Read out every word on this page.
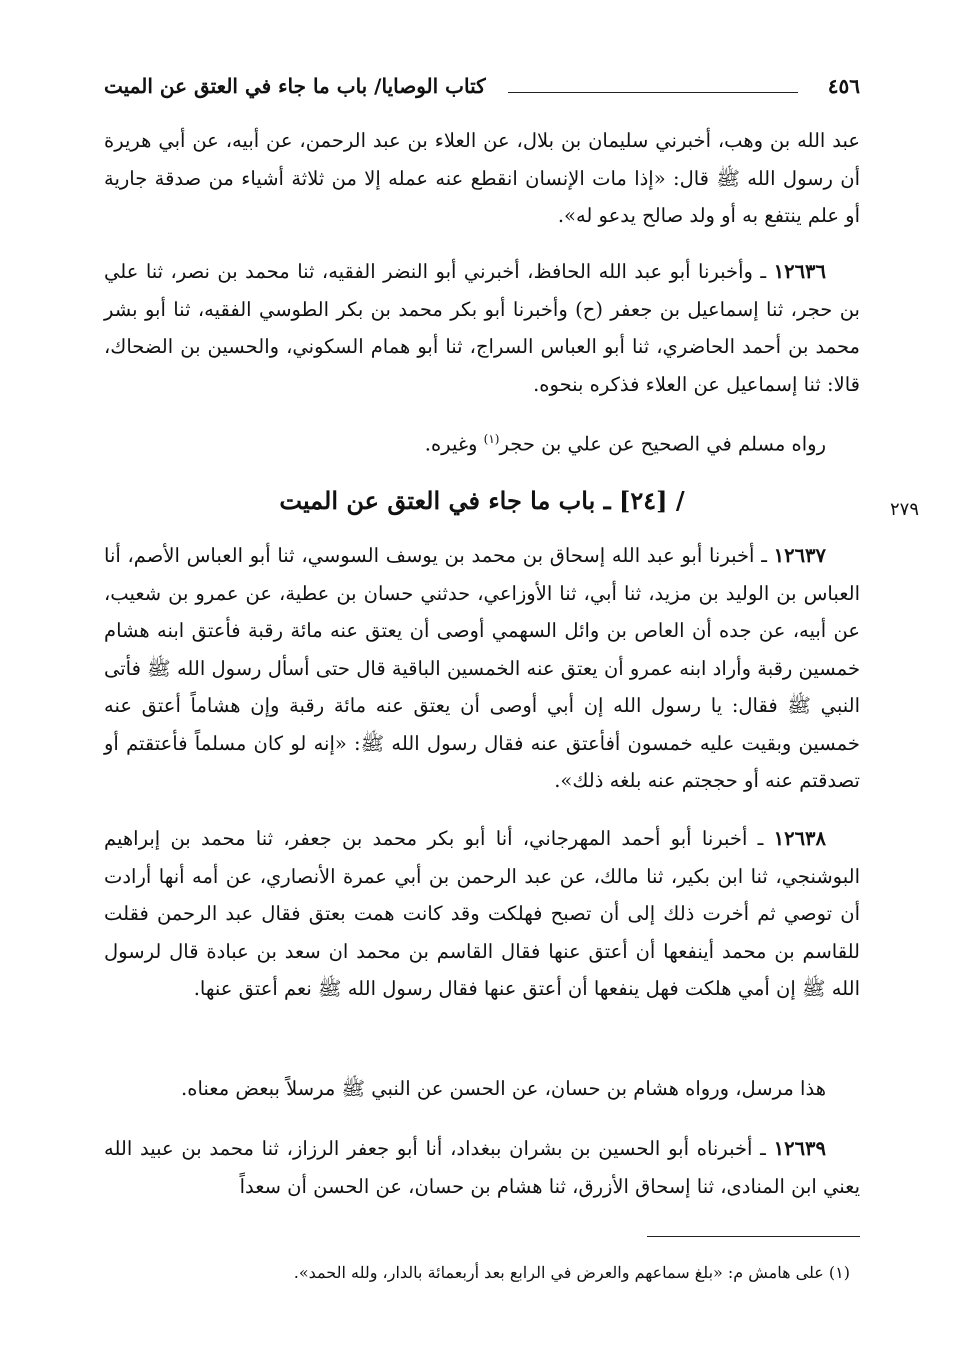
٤٥٦
كتاب الوصايا/ باب ما جاء في العتق عن الميت

عبد الله بن وهب، أخبرني سليمان بن بلال، عن العلاء بن عبد الرحمن، عن أبيه، عن أبي هريرة أن رسول الله ﷺ قال: «إذا مات الإنسان انقطع عنه عمله إلا من ثلاثة أشياء من صدقة جارية أو علم ينتفع به أو ولد صالح يدعو له».

١٢٦٣٦ ـ وأخبرنا أبو عبد الله الحافظ، أخبرني أبو النضر الفقيه، ثنا محمد بن نصر، ثنا علي بن حجر، ثنا إسماعيل بن جعفر (ح) وأخبرنا أبو بكر محمد بن بكر الطوسي الفقيه، ثنا أبو بشر محمد بن أحمد الحاضري، ثنا أبو العباس السراج، ثنا أبو همام السكوني، والحسين بن الضحاك، قالا: ثنا إسماعيل عن العلاء فذكره بنحوه.

رواه مسلم في الصحيح عن علي بن حجر$^{(١)}$ وغيره.

/ [٢٤] ـ باب ما جاء في العتق عن الميت	٢٧٩

١٢٦٣٧ ـ أخبرنا أبو عبد الله إسحاق بن محمد بن يوسف السوسي، ثنا أبو العباس الأصم، أنا العباس بن الوليد بن مزيد، ثنا أبي، ثنا الأوزاعي، حدثني حسان بن عطية، عن عمرو بن شعيب، عن أبيه، عن جده أن العاص بن وائل السهمي أوصى أن يعتق عنه مائة رقبة فأعتق ابنه هشام خمسين رقبة وأراد ابنه عمرو أن يعتق عنه الخمسين الباقية قال حتى أسأل رسول الله ﷺ فأتى النبي ﷺ فقال: يا رسول الله إن أبي أوصى أن يعتق عنه مائة رقبة وإن هشاماً أعتق عنه خمسين وبقيت عليه خمسون أفأعتق عنه فقال رسول الله ﷺ: «إنه لو كان مسلماً فأعتقتم أو تصدقتم عنه أو حججتم عنه بلغه ذلك».

١٢٦٣٨ ـ أخبرنا أبو أحمد المهرجاني، أنا أبو بكر محمد بن جعفر، ثنا محمد بن إبراهيم البوشنجي، ثنا ابن بكير، ثنا مالك، عن عبد الرحمن بن أبي عمرة الأنصاري، عن أمه أنها أرادت أن توصي ثم أخرت ذلك إلى أن تصبح فهلكت وقد كانت همت بعتق فقال عبد الرحمن فقلت للقاسم بن محمد أينفعها أن أعتق عنها فقال القاسم بن محمد ان سعد بن عبادة قال لرسول الله ﷺ إن أمي هلكت فهل ينفعها أن أعتق عنها فقال رسول الله ﷺ نعم أعتق عنها.

هذا مرسل، ورواه هشام بن حسان، عن الحسن عن النبي ﷺ مرسلاً ببعض معناه.

١٢٦٣٩ ـ أخبرناه أبو الحسين بن بشران ببغداد، أنا أبو جعفر الرزاز، ثنا محمد بن عبيد الله يعني ابن المنادى، ثنا إسحاق الأزرق، ثنا هشام بن حسان، عن الحسن أن سعداً

(١) على هامش م: «بلغ سماعهم والعرض في الرابع بعد أربعمائة بالدار، ولله الحمد».
